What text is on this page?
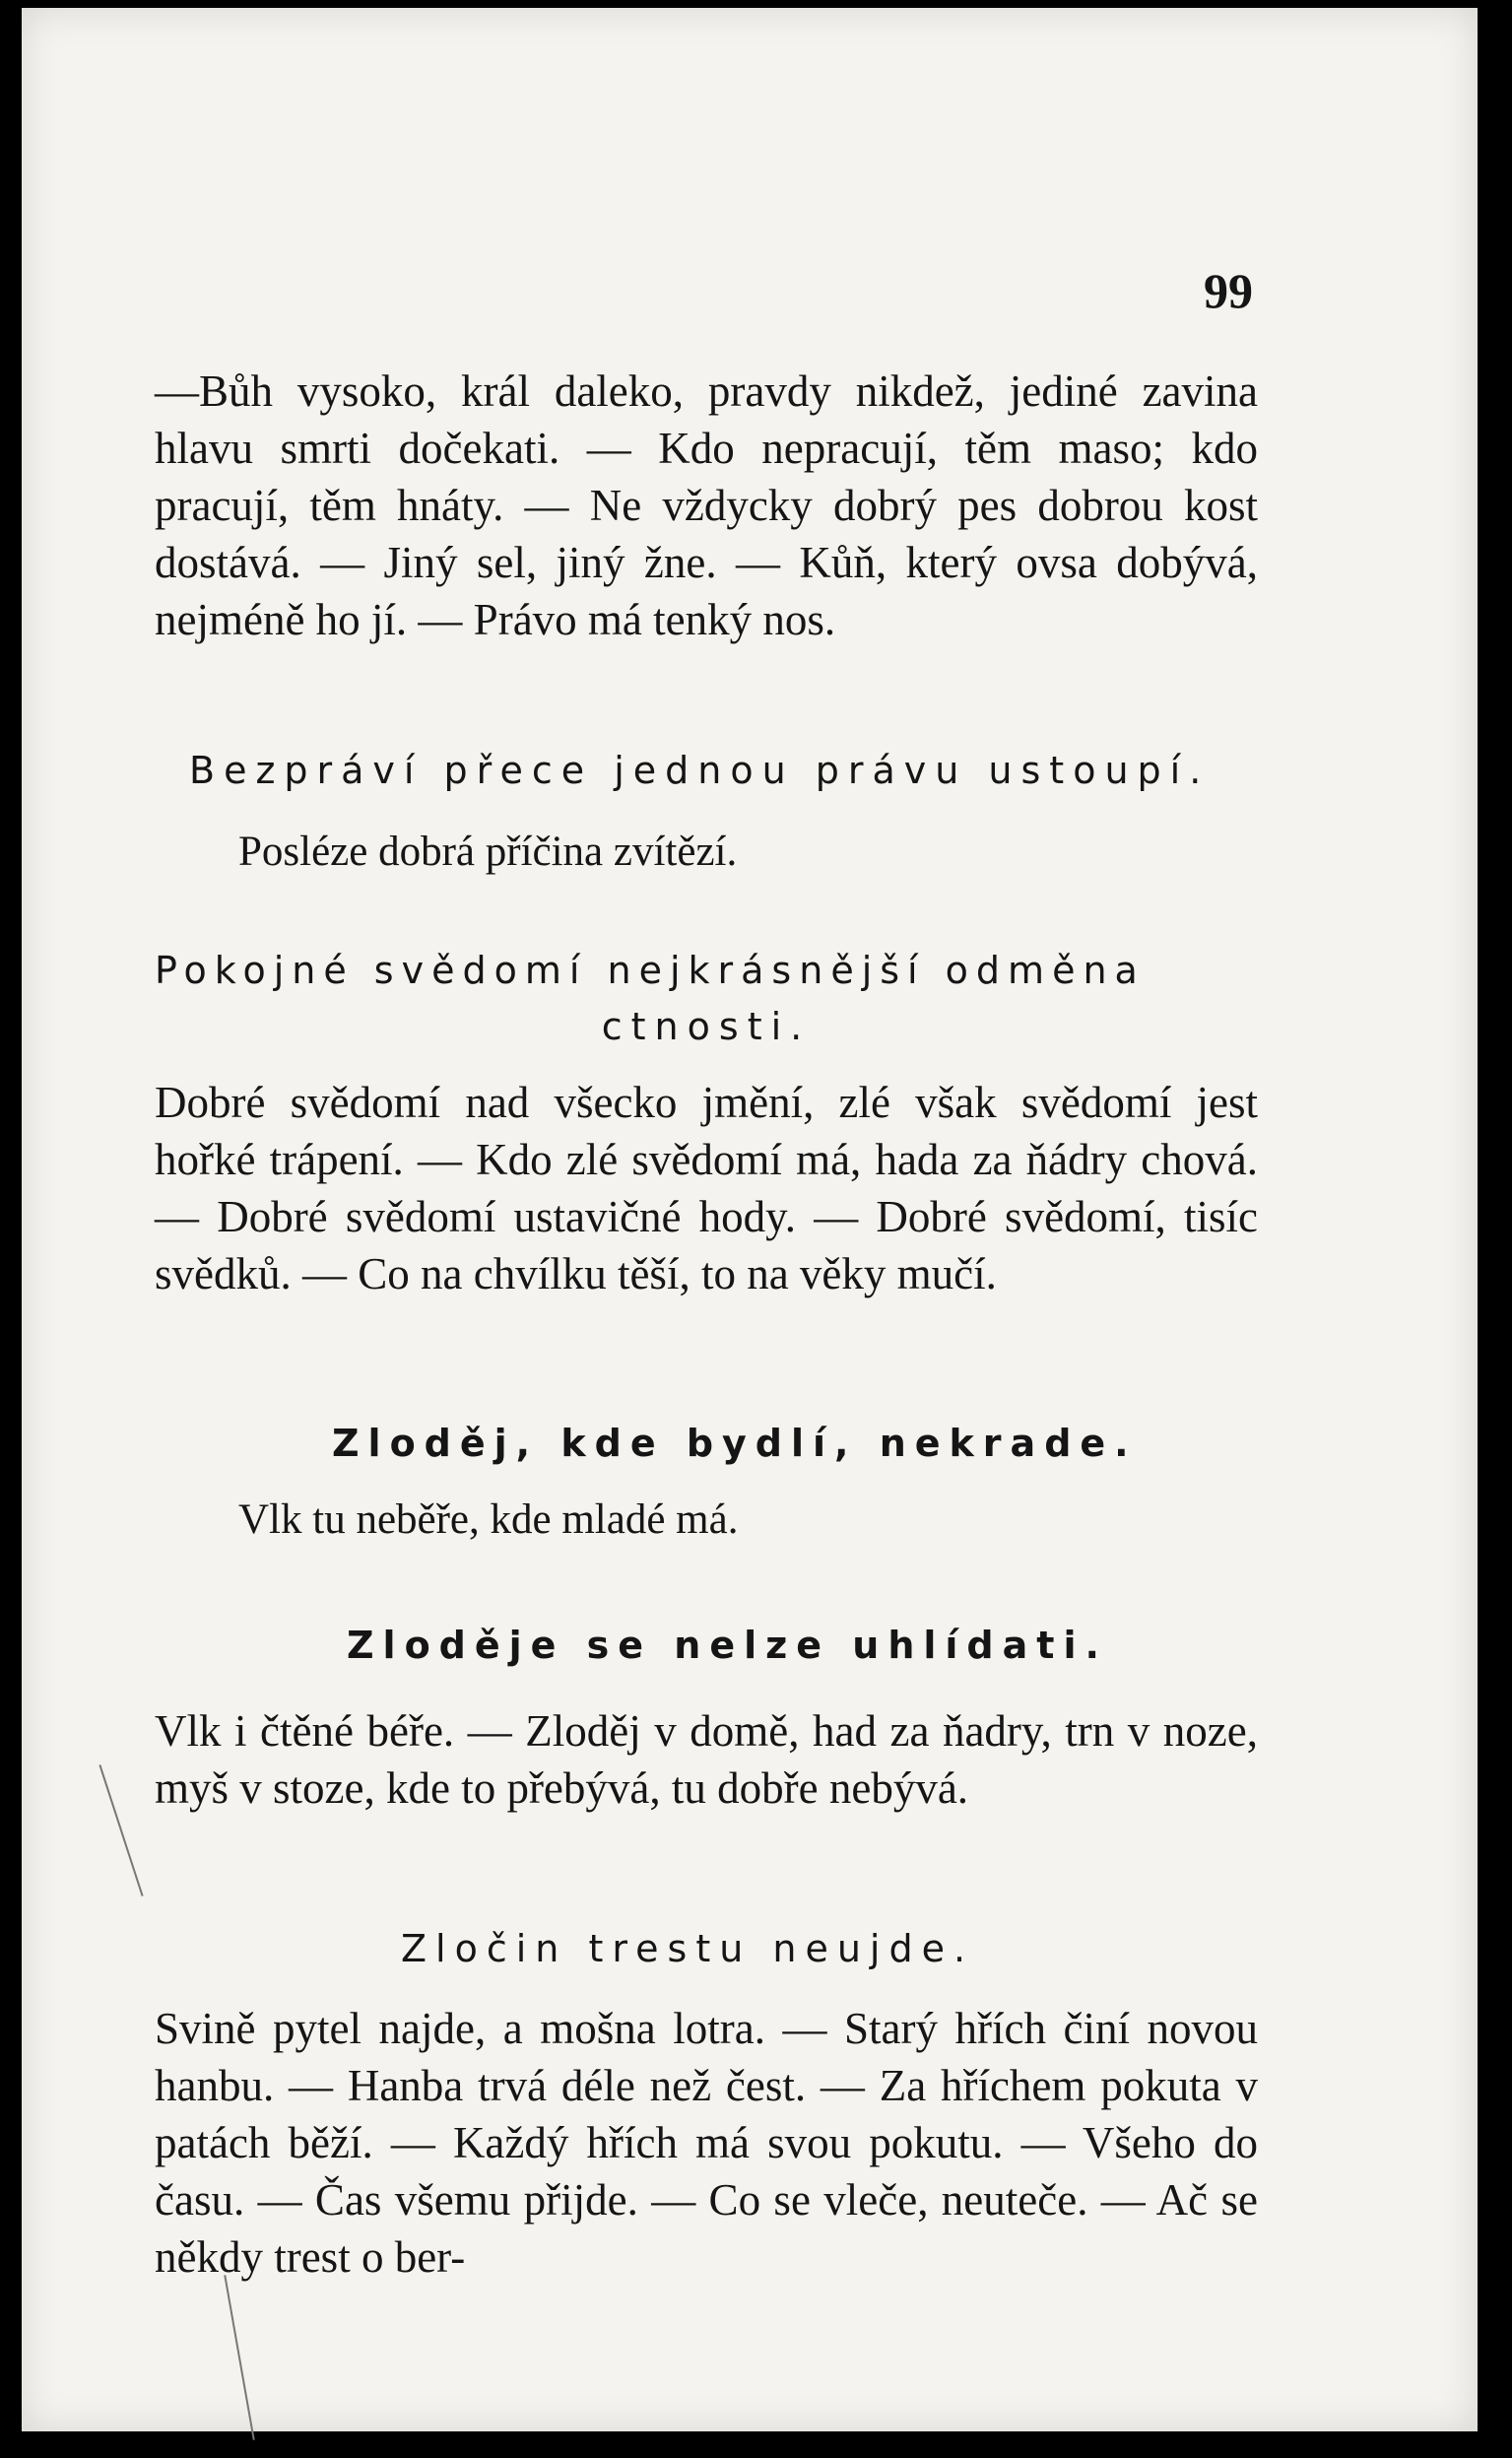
99
—Bůh vysoko, král daleko, pravdy nikdež, jediné zavina hlavu smrti dočekati. — Kdo nepracují, těm maso; kdo pracují, těm hnáty. — Ne vždycky dobrý pes dobrou kost dostává. — Jiný sel, jiný žne. — Kůň, který ovsa dobývá, nejméně ho jí. — Právo má tenký nos.
Bezpráví přece jednou právu ustoupí.
Posléze dobrá příčina zvítězí.
Pokojné svědomí nejkrásnější odměna
ctnosti.
Dobré svědomí nad všecko jmění, zlé však svědomí jest hořké trápení. — Kdo zlé svědomí má, hada za ňádry chová. — Dobré svědomí ustavičné hody. — Dobré svědomí, tisíc svědků. — Co na chvílku těší, to na věky mučí.
Zloděj, kde bydlí, nekrade.
Vlk tu neběře, kde mladé má.
Zloděje se nelze uhlídati.
Vlk i čtěné béře. — Zloděj v domě, had za ňadry, trn v noze, myš v stoze, kde to přebývá, tu dobře nebývá.
Zločin trestu neujde.
Svině pytel najde, a mošna lotra. — Starý hřích činí novou hanbu. — Hanba trvá déle než čest. — Za hříchem pokuta v patách běží. — Každý hřích má svou pokutu. — Všeho do času. — Čas všemu přijde. — Co se vleče, neuteče. — Ač se někdy trest o ber-
